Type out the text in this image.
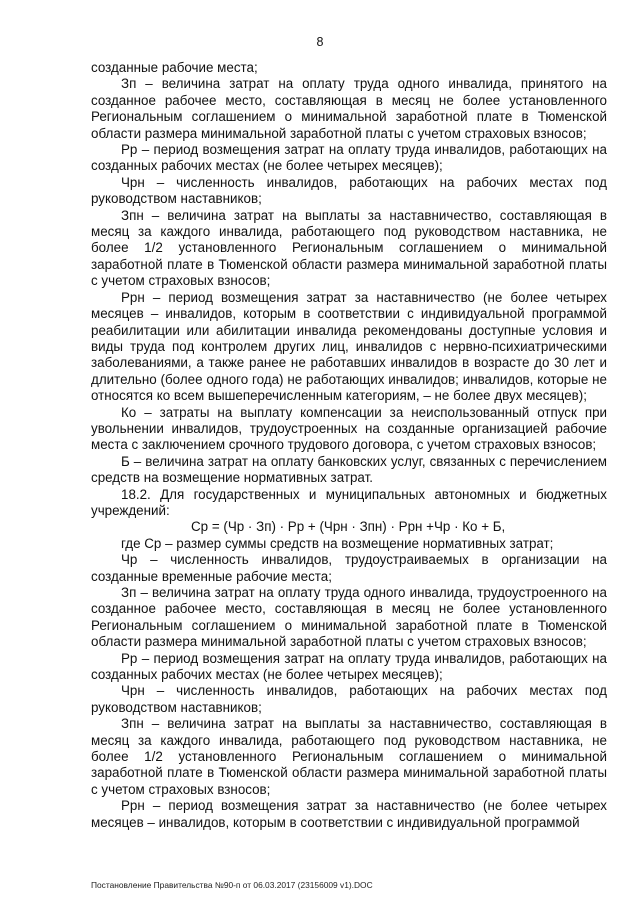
8

созданные рабочие места;

Зп – величина затрат на оплату труда одного инвалида, принятого на созданное рабочее место, составляющая в месяц не более установленного Региональным соглашением о минимальной заработной плате в Тюменской области размера минимальной заработной платы с учетом страховых взносов;

Рр – период возмещения затрат на оплату труда инвалидов, работающих на созданных рабочих местах (не более четырех месяцев);

Чрн – численность инвалидов, работающих на рабочих местах под руководством наставников;

Зпн – величина затрат на выплаты за наставничество, составляющая в месяц за каждого инвалида, работающего под руководством наставника, не более 1/2 установленного Региональным соглашением о минимальной заработной плате в Тюменской области размера минимальной заработной платы с учетом страховых взносов;

Ррн – период возмещения затрат за наставничество (не более четырех месяцев – инвалидов, которым в соответствии с индивидуальной программой реабилитации или абилитации инвалида рекомендованы доступные условия и виды труда под контролем других лиц, инвалидов с нервно-психиатрическими заболеваниями, а также ранее не работавших инвалидов в возрасте до 30 лет и длительно (более одного года) не работающих инвалидов; инвалидов, которые не относятся ко всем вышеперечисленным категориям, – не более двух месяцев);

Ко – затраты на выплату компенсации за неиспользованный отпуск при увольнении инвалидов, трудоустроенных на созданные организацией рабочие места с заключением срочного трудового договора, с учетом страховых взносов;

Б – величина затрат на оплату банковских услуг, связанных с перечислением средств на возмещение нормативных затрат.

18.2. Для государственных и муниципальных автономных и бюджетных учреждений:

Ср = (Чр · Зп) · Рр + (Чрн · Зпн) · Ррн +Чр · Ко + Б,

где Ср – размер суммы средств на возмещение нормативных затрат;

Чр – численность инвалидов, трудоустраиваемых в организации на созданные временные рабочие места;

Зп – величина затрат на оплату труда одного инвалида, трудоустроенного на созданное рабочее место, составляющая в месяц не более установленного Региональным соглашением о минимальной заработной плате в Тюменской области размера минимальной заработной платы с учетом страховых взносов;

Рр – период возмещения затрат на оплату труда инвалидов, работающих на созданных рабочих местах (не более четырех месяцев);

Чрн – численность инвалидов, работающих на рабочих местах под руководством наставников;

Зпн – величина затрат на выплаты за наставничество, составляющая в месяц за каждого инвалида, работающего под руководством наставника, не более 1/2 установленного Региональным соглашением о минимальной заработной плате в Тюменской области размера минимальной заработной платы с учетом страховых взносов;

Ррн – период возмещения затрат за наставничество (не более четырех месяцев – инвалидов, которым в соответствии с индивидуальной программой

Постановление Правительства №90-п от 06.03.2017 (23156009 v1).DOC
